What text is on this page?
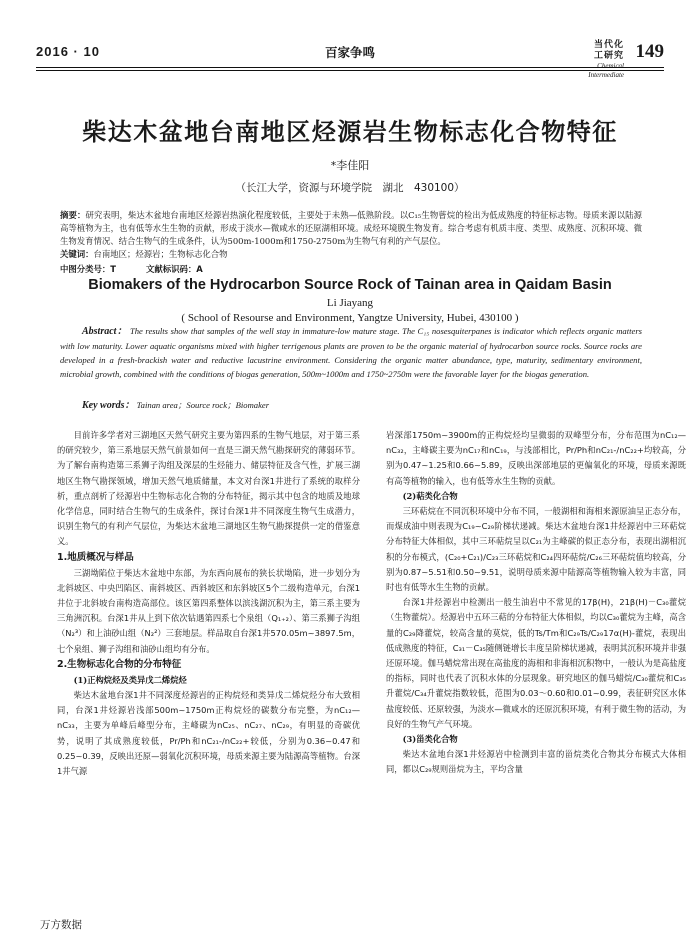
2016 · 10	百家争鸣	当代化工研究
Chemical Intermediate
149
柴达木盆地台南地区烃源岩生物标志化合物特征
*李佳阳
（长江大学，资源与环境学院　湖北　430100）
摘要：研究表明，柴达木盆地台南地区烃源岩热演化程度较低，主要处于未熟—低熟阶段。以C₁₅生物蒈烷的检出为低成熟度的特征标志物。母质来源以陆源高等植物为主，也有低等水生生物的贡献，形成于淡水—微咸水的还原湖相环境。成烃环境脱生物发育。综合考虑有机质丰度、类型、成熟度、沉积环境、微生物发育情况、结合生物气的生成条件，认为500m-1000m和1750-2750m为生物气有利的产气层位。
关键词：台南地区；烃源岩；生物标志化合物
中图分类号：T	文献标识码：A
Biomakers of the Hydrocarbon Source Rock of Tainan area in Qaidam Basin
Li Jiayang
( School of Resourse and Environment, Yangtze University, Hubei, 430100 )
Abstract： The results show that samples of the well stay in immature-low mature stage. The C₁₅ nosesquiterpanes is indicator which reflects organic matters with low maturity. Lower aquatic organisms mixed with higher terrigenous plants are proven to be the organic material of hydrocarbon source rocks. Source rocks are developed in a fresh-brackish water and reductive lacustrine environment. Considering the organic matter abundance, type, maturity, sedimentary environment, microbial growth, combined with the conditions of biogas generation, 500m~1000m and 1750~2750m were the favorable layer for the biogas generation.
Key words： Tainan area；Source rock；Biomaker

目前许多学者对三湖地区天然气研究主要为第四系的生物气地层，对于第三系的研究较少，第三系地层天然气前景如何一直是三湖天然气勘探研究的薄弱环节。为了解台南构造第三系狮子沟组及深层的生烃能力、储层特征及含气性，扩展三湖地区生物气勘探领域，增加天然气地质储量，本文对台深1井进行了系统的取样分析，重点剖析了烃源岩中生物标志化合物的分布特征，揭示其中包含的地质及地球化学信息，同时结合生物气的生成条件，探讨台深1井不同深度生物气生成潜力，识别生物气的有利产气层位，为柴达木盆地三湖地区生物气勘探提供一定的借鉴意义。

1.地质概况与样品

三湖坳陷位于柴达木盆地中东部，为东西向展布的狭长状坳陷，进一步划分为北斜坡区、中央凹陷区、南斜坡区、西斜坡区和东斜坡区5个二级构造单元，台深1井位于北斜坡台南构造高部位。该区第四系整体以滨浅湖沉积为主，第三系主要为三角洲沉积。台深1井从上到下依次钻遇第四系七个泉组（Q₁₊₂）、第三系狮子沟组（N₂³）和上油砂山组（N₂²）三套地层。样品取自台深1井570.05m~3897.5m，七个泉组、狮子沟组和油砂山组均有分布。

2.生物标志化合物的分布特征
(1)正构烷烃及类异戊二烯烷烃

柴达木盆地台深1井不同深度烃源岩的正构烷烃和类异戊二烯烷烃分布大致相同，台深1井烃源岩浅部500m~1750m正构烷烃的碳数分布完整，为nC₁₂—nC₃₃，主要为单峰后峰型分布，主峰碳为nC₂₅、nC₂₇、nC₂₉，有明显的奇碳优势，说明了其成熟度较低，Pr/Ph和nC₂₁-/nC₂₂+较低，分别为0.36~0.47和0.25~0.39，反映出还原—弱氧化沉积环境，母质来源主要为陆源高等植物。台深1井气源

岩深部1750m~3900m的正构烷烃均呈微弱的双峰型分布，分布范围为nC₁₂—nC₃₂，主峰碳主要为nC₁₇和nC₁₉，与浅部相比，Pr/Ph和nC₂₁-/nC₂₂+均较高，分别为0.47~1.25和0.66~5.89，反映出深部地层的更偏氧化的环境，母质来源既有高等植物的输入，也有低等水生生物的贡献。

(2)萜类化合物

三环萜烷在不同沉积环境中分布不同，一般湖相和海相来源原油呈正态分布，而煤成油中则表现为C₁₉~C₂₉阶梯状递减。柴达木盆地台深1井烃源岩中三环萜烷分布特征大体相似，其中三环萜烷呈以C₂₁为主峰碳的似正态分布，表现出湖相沉积的分布模式，(C₂₀+C₂₁)/C₂₃三环萜烷和C₂₄四环萜烷/C₂₆三环萜烷值均较高，分别为0.87~5.51和0.50~9.51，说明母质来源中陆源高等植物输入较为丰富，同时也有低等水生生物的贡献。

台深1井烃源岩中检测出一般生油岩中不常见的17β(H)，21β(H)－C₃₀藿烷（生物藿烷）。烃源岩中五环三萜的分布特征大体相似，均以C₃₀藿烷为主峰，高含量的C₂₉降藿烷，较高含量的莫烷，低的Ts/Tm和C₂₉Ts/C₂₉17α(H)-藿烷，表现出低成熟度的特征，C₃₁－C₃₅随侧链增长丰度呈阶梯状递减，表明其沉积环境并非强还原环境。伽马蜡烷常出现在高盐度的海相和非海相沉积物中，一般认为是高盐度的指标，同时也代表了沉积水体的分层现象。研究地区的伽马蜡烷/C₃₀藿烷和C₃₅升藿烷/C₃₄升藿烷指数较低，范围为0.03～0.60和0.01~0.99，表征研究区水体盐度较低、还原较强，为淡水—微咸水的还原沉积环境，有利于微生物的活动，为良好的生物气产气环境。

(3)甾类化合物

柴达木盆地台深1井烃源岩中检测到丰富的甾烷类化合物其分布模式大体相同，都以C₂₉规则甾烷为主，平均含量

万方数据
